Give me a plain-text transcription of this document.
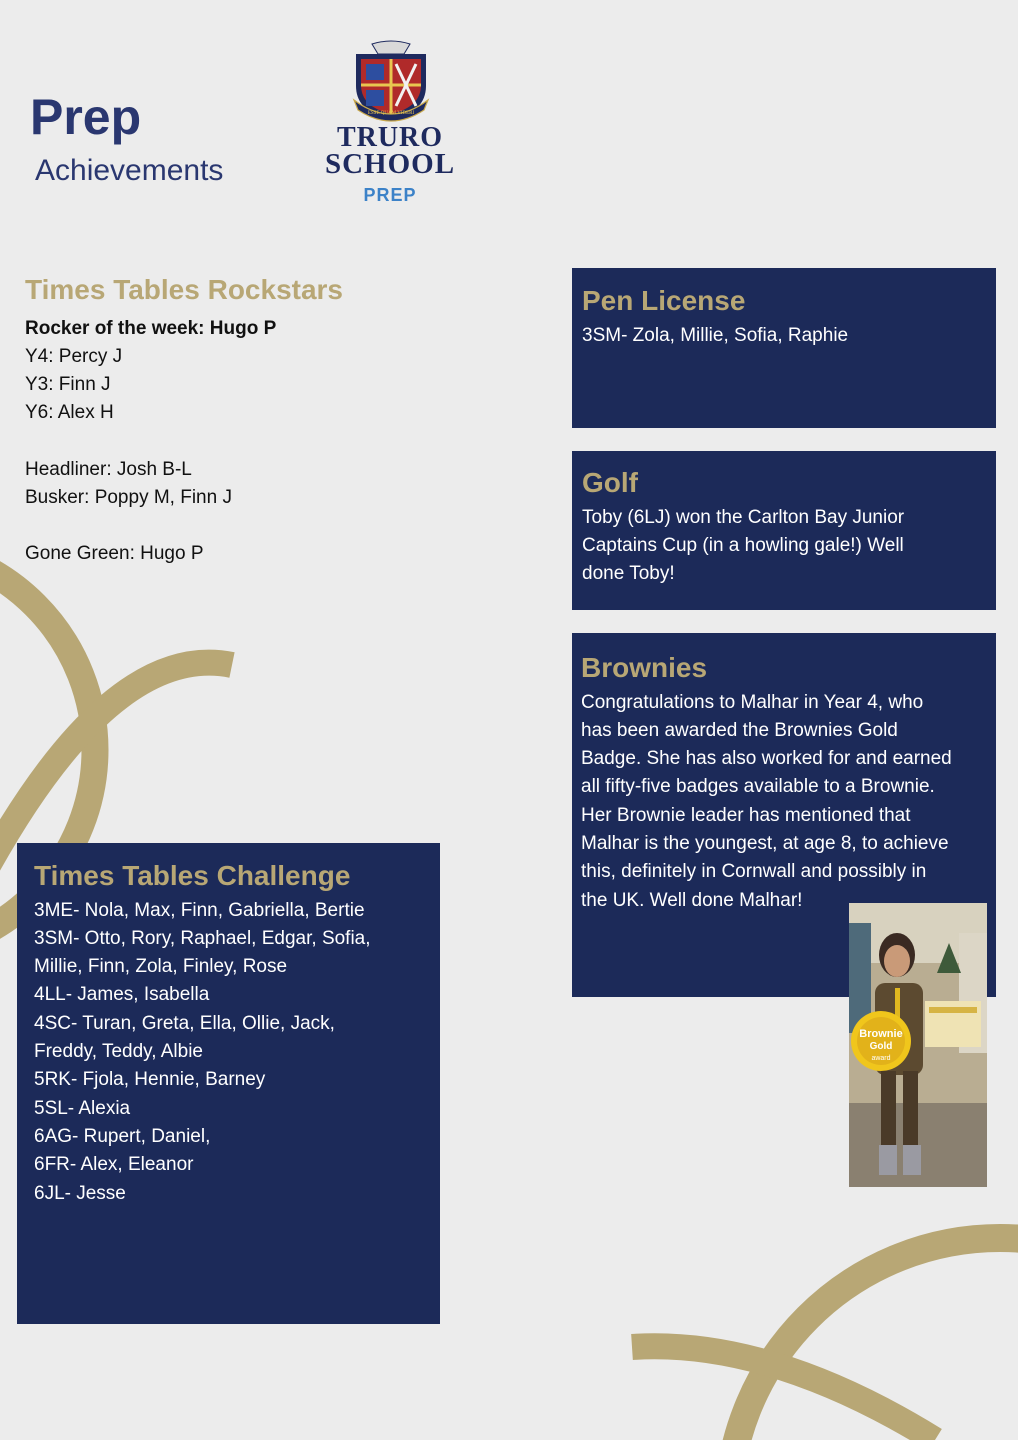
Prep

Achievements

ESSE QUAM VIDERI
TRURO
SCHOOL
PREP
Times Tables Rockstars

Rocker of the week: Hugo P

Y4: Percy J

Y3: Finn J

Y6: Alex H

Headliner: Josh B-L

Busker: Poppy M, Finn J

Gone Green: Hugo P

Pen License

3SM- Zola, Millie, Sofia, Raphie

Golf

Toby (6LJ) won the Carlton Bay Junior

Captains Cup (in a howling gale!) Well

done Toby!

Brownies

Congratulations to Malhar in Year 4, who

has been awarded the Brownies Gold

Badge. She has also worked for and earned

all fifty-five badges available to a Brownie.

Her Brownie leader has mentioned that

Malhar is the youngest, at age 8, to achieve

this, definitely in Cornwall and possibly in

the UK. Well done Malhar!

Brownie
Gold
award
Times Tables Challenge

3ME- Nola, Max, Finn, Gabriella, Bertie

3SM- Otto, Rory, Raphael, Edgar, Sofia,

Millie, Finn, Zola, Finley, Rose

4LL- James, Isabella

4SC- Turan, Greta, Ella, Ollie, Jack,

Freddy, Teddy, Albie

5RK- Fjola, Hennie, Barney

5SL- Alexia

6AG- Rupert, Daniel,

6FR- Alex, Eleanor

6JL- Jesse
